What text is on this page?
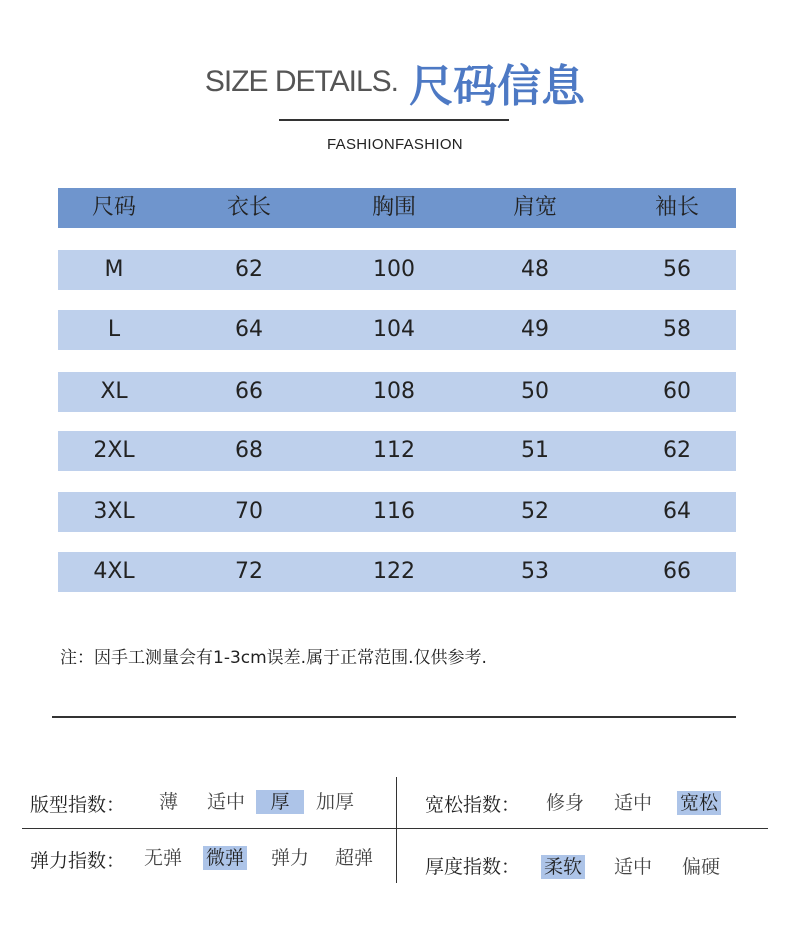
SIZE DETAILS. 尺码信息
FASHIONFASHION
尺码	衣长	胸围	肩宽	袖长
M	62	100	48	56
L	64	104	49	58
XL	66	108	50	60
2XL	68	112	51	62
3XL	70	116	52	64
4XL	72	122	53	66
注：因手工测量会有1-3cm误差.属于正常范围.仅供参考.
版型指数： 薄 适中	厚	加厚	宽松指数： 修身 适中 宽松
弹力指数： 无弹 微弹 弹力 超弹	厚度指数： 柔软 适中 偏硬
